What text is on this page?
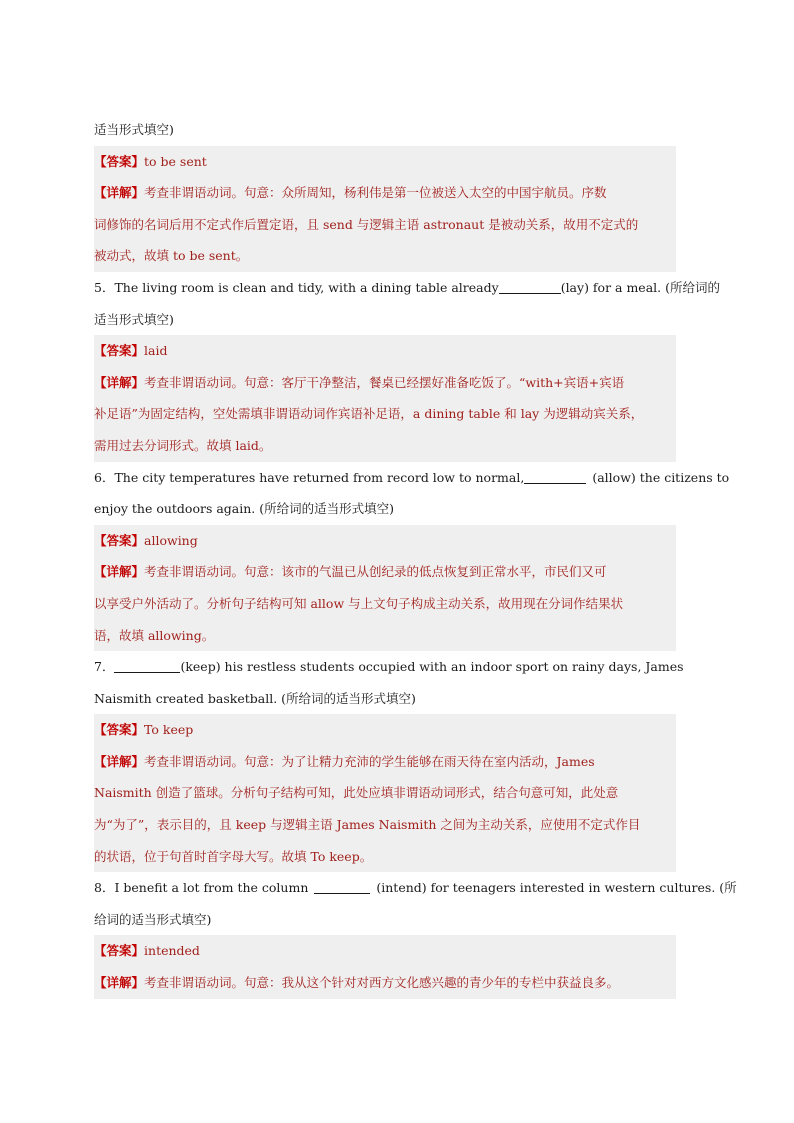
适当形式填空)
【答案】to be sent
【详解】考查非谓语动词。句意：众所周知，杨利伟是第一位被送入太空的中国宇航员。序数
词修饰的名词后用不定式作后置定语，且 send 与逻辑主语 astronaut 是被动关系，故用不定式的
被动式，故填 to be sent。
5．The living room is clean and tidy, with a dining table already	(lay) for a meal. (所给词的
适当形式填空)
【答案】laid
【详解】考查非谓语动词。句意：客厅干净整洁，餐桌已经摆好准备吃饭了。“with+宾语+宾语
补足语”为固定结构，空处需填非谓语动词作宾语补足语，a dining table 和 lay 为逻辑动宾关系，
需用过去分词形式。故填 laid。
6．The city temperatures have returned from record low to normal,	(allow) the citizens to
enjoy the outdoors again. (所给词的适当形式填空)
【答案】allowing
【详解】考查非谓语动词。句意：该市的气温已从创纪录的低点恢复到正常水平，市民们又可
以享受户外活动了。分析句子结构可知 allow 与上文句子构成主动关系，故用现在分词作结果状
语，故填 allowing。
7．	(keep) his restless students occupied with an indoor sport on rainy days, James
Naismith created basketball. (所给词的适当形式填空)
【答案】To keep
【详解】考查非谓语动词。句意：为了让精力充沛的学生能够在雨天待在室内活动，James
Naismith 创造了篮球。分析句子结构可知，此处应填非谓语动词形式，结合句意可知，此处意
为“为了”，表示目的，且 keep 与逻辑主语 James Naismith 之间为主动关系，应使用不定式作目
的状语，位于句首时首字母大写。故填 To keep。
8．I benefit a lot from the column	(intend) for teenagers interested in western cultures. (所
给词的适当形式填空)
【答案】intended
【详解】考查非谓语动词。句意：我从这个针对对西方文化感兴趣的青少年的专栏中获益良多。
